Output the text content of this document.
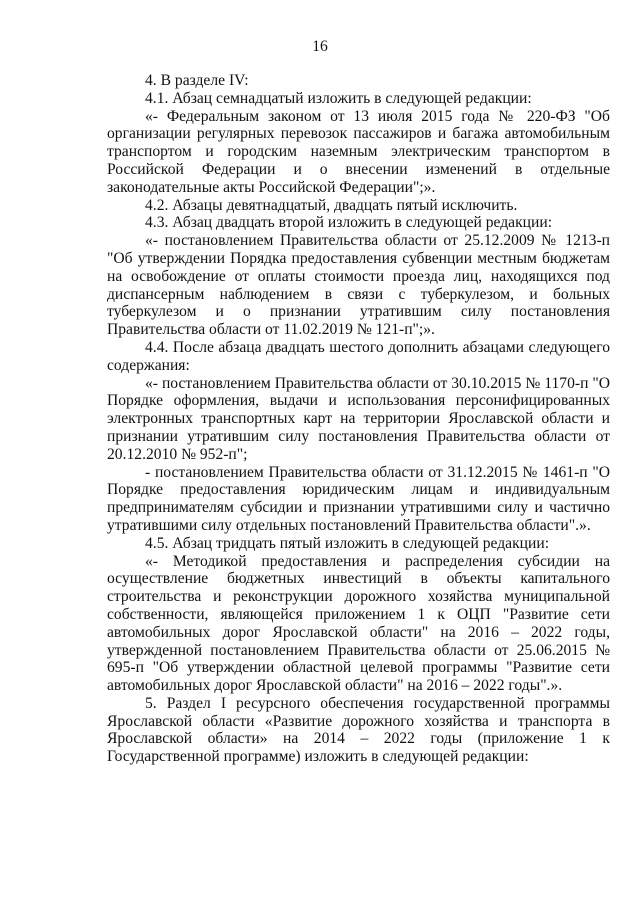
16

4. В разделе IV:

4.1. Абзац семнадцатый изложить в следующей редакции:

«- Федеральным законом от 13 июля 2015 года № 220-ФЗ "Об организации регулярных перевозок пассажиров и багажа автомобильным транспортом и городским наземным электрическим транспортом в Российской Федерации и о внесении изменений в отдельные законодательные акты Российской Федерации";».

4.2. Абзацы девятнадцатый, двадцать пятый исключить.

4.3. Абзац двадцать второй изложить в следующей редакции:

«- постановлением Правительства области от 25.12.2009 № 1213-п "Об утверждении Порядка предоставления субвенции местным бюджетам на освобождение от оплаты стоимости проезда лиц, находящихся под диспансерным наблюдением в связи с туберкулезом, и больных туберкулезом и о признании утратившим силу постановления Правительства области от 11.02.2019 № 121-п";».

4.4. После абзаца двадцать шестого дополнить абзацами следующего содержания:

«- постановлением Правительства области от 30.10.2015 № 1170-п "О Порядке оформления, выдачи и использования персонифицированных электронных транспортных карт на территории Ярославской области и признании утратившим силу постановления Правительства области от 20.12.2010 № 952-п";

- постановлением Правительства области от 31.12.2015 № 1461-п "О Порядке предоставления юридическим лицам и индивидуальным предпринимателям субсидии и признании утратившими силу и частично утратившими силу отдельных постановлений Правительства области".».

4.5. Абзац тридцать пятый изложить в следующей редакции:

«- Методикой предоставления и распределения субсидии на осуществление бюджетных инвестиций в объекты капитального строительства и реконструкции дорожного хозяйства муниципальной собственности, являющейся приложением 1 к ОЦП "Развитие сети автомобильных дорог Ярославской области" на 2016 – 2022 годы, утвержденной постановлением Правительства области от 25.06.2015 № 695-п "Об утверждении областной целевой программы "Развитие сети автомобильных дорог Ярославской области" на 2016 – 2022 годы".».

5. Раздел I ресурсного обеспечения государственной программы Ярославской области «Развитие дорожного хозяйства и транспорта в Ярославской области» на 2014 – 2022 годы (приложение 1 к Государственной программе) изложить в следующей редакции:
